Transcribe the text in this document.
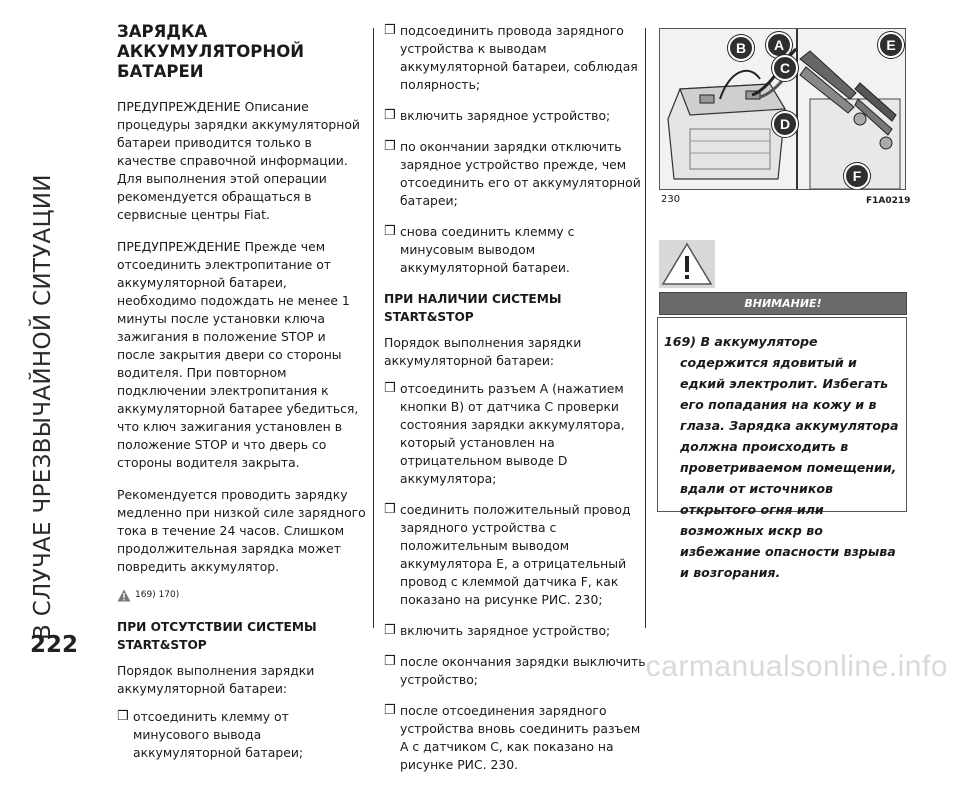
В СЛУЧАЕ ЧРЕЗВЫЧАЙНОЙ СИТУАЦИИ
222
ЗАРЯДКА АККУМУЛЯТОРНОЙ
БАТАРЕИ

ПРЕДУПРЕЖДЕНИЕ Описание процедуры зарядки аккумуляторной батареи приводится только в качестве справочной информации. Для выполнения этой операции рекомендуется обращаться в сервисные центры Fiat.

ПРЕДУПРЕЖДЕНИЕ Прежде чем отсоединить электропитание от аккумуляторной батареи, необходимо подождать не менее 1 минуты после установки ключа зажигания в положение STOP и после закрытия двери со стороны водителя. При повторном подключении электропитания к аккумуляторной батарее убедиться, что ключ зажигания установлен в положение STOP и что дверь со стороны водителя закрыта.

Рекомендуется проводить зарядку медленно при низкой силе зарядного тока в течение 24 часов. Слишком продолжительная зарядка может повредить аккумулятор.

169) 170)
ПРИ ОТСУТСТВИИ СИСТЕМЫ START&STOP

Порядок выполнения зарядки аккумуляторной батареи:

❒ отсоединить клемму от минусового вывода аккумуляторной батареи;
❒ подсоединить провода зарядного устройства к выводам аккумуляторной батареи, соблюдая полярность;
❒ включить зарядное устройство;
❒ по окончании зарядки отключить зарядное устройство прежде, чем отсоединить его от аккумуляторной батареи;
❒ снова соединить клемму с минусовым выводом аккумуляторной батареи.
ПРИ НАЛИЧИИ СИСТЕМЫ START&STOP

Порядок выполнения зарядки аккумуляторной батареи:

❒ отсоединить разъем A (нажатием кнопки B) от датчика C проверки состояния зарядки аккумулятора, который установлен на отрицательном выводе D аккумулятора;
❒ соединить положительный провод зарядного устройства с положительным выводом аккумулятора E, а отрицательный провод с клеммой датчика F, как показано на рисунке РИС. 230;
❒ включить зарядное устройство;
❒ после окончания зарядки выключить устройство;
❒ после отсоединения зарядного устройства вновь соединить разъем A с датчиком C, как показано на рисунке РИС. 230.
B	A
C
D
E
F
230	F1A0219
ВНИМАНИЕ!
169) В аккумуляторе содержится ядовитый и едкий электролит. Избегать его попадания на кожу и в глаза. Зарядка аккумулятора должна происходить в проветриваемом помещении, вдали от источников открытого огня или возможных искр во избежание опасности взрыва и возгорания.
carmanualsonline.info
